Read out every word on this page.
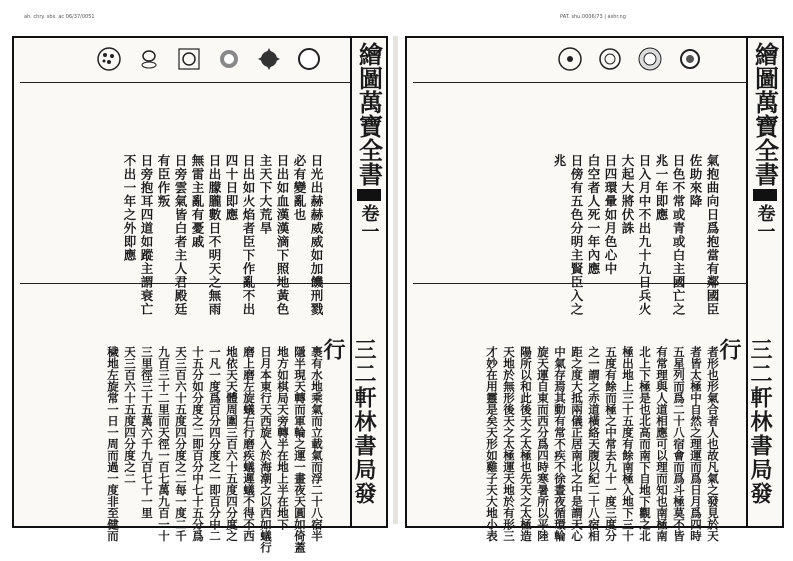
ah. chry. sbs. ac 06/37/0051	PAT. shu.0006/73 | ashr.ng
繪圖萬寶全書
卷一

日光出赫赫威威如加饑刑戮
必有變亂也
日出如血漢漢滴下照地黃色
主天下大荒旱
日出如火焰者臣下作亂不出
四十日即應
日出朦朧數日不明天之無雨
無雷主亂有憂戚
日旁雲氣皆白者主人君殿廷
有臣作叛
日旁抱耳四道如蹤主謂衰亡
不出一年之外即應

裹有水地乘氣而立載氣而浮二十八宿半
隱半現天轉而軍輪之運一畫夜天圓如倚蓋
地方如棋局天旁轉半在地上半在地下
日月本東行天西旋入於海潮之以西如蟻行
磨上磨左旋蟻右行磨疾蟻遲蟻不得不西
地依天天體周圍三百六十五度四分度之
一凡一度爲百分四分度之一即百分中二
十五分如分度之二即百分中七十五分爲
天三百六十五度四分度之二每一度二千
九百三十二里而天徑一百七萬九百一十
三里徑三十五萬六千九百七十一里
天三百六十五度四分度之二
穢地左旋常一日一周而過一度非至健而
	三二軒林書局發行
繪圖萬寶全書
卷一

氣抱曲向日爲抱當有鄰國臣
佐助來降
日色不常或青或白主國亡之
兆一年即應
日入月中不出九十九日兵火
大起大將伏誅
日四環暈如月色心中
白空者人死一年內應
日傍有五色分明主賢臣入之
兆

者形也形氣合者人也故凡氣之發見於天
者皆太極中自然之理運而爲日月爲四時
五星列而爲二十八宿會而爲斗極莫不皆
有常理與人道相應可以理而知也南極南
北上下極是也北高而南下自地下觀之北
極出地上三十五度有餘南極入地下三十
五度有餘而極之中常去九十一度三度分
之一謂之赤道橫絡天腹以紀二十八宿相
距之度大抵兩儀正居南北之中是謂天心
中氣存焉其動有常不疾不徐晝夜循環輪
旋天運自東而西分爲四時寒暑所以平陸
陽所以和此後天之太極也先天之太極造
天地於無形後天之太極運天地於有形三
才妙在用靈是矣天形如雞子天大地小表
	三二軒林書局發行
